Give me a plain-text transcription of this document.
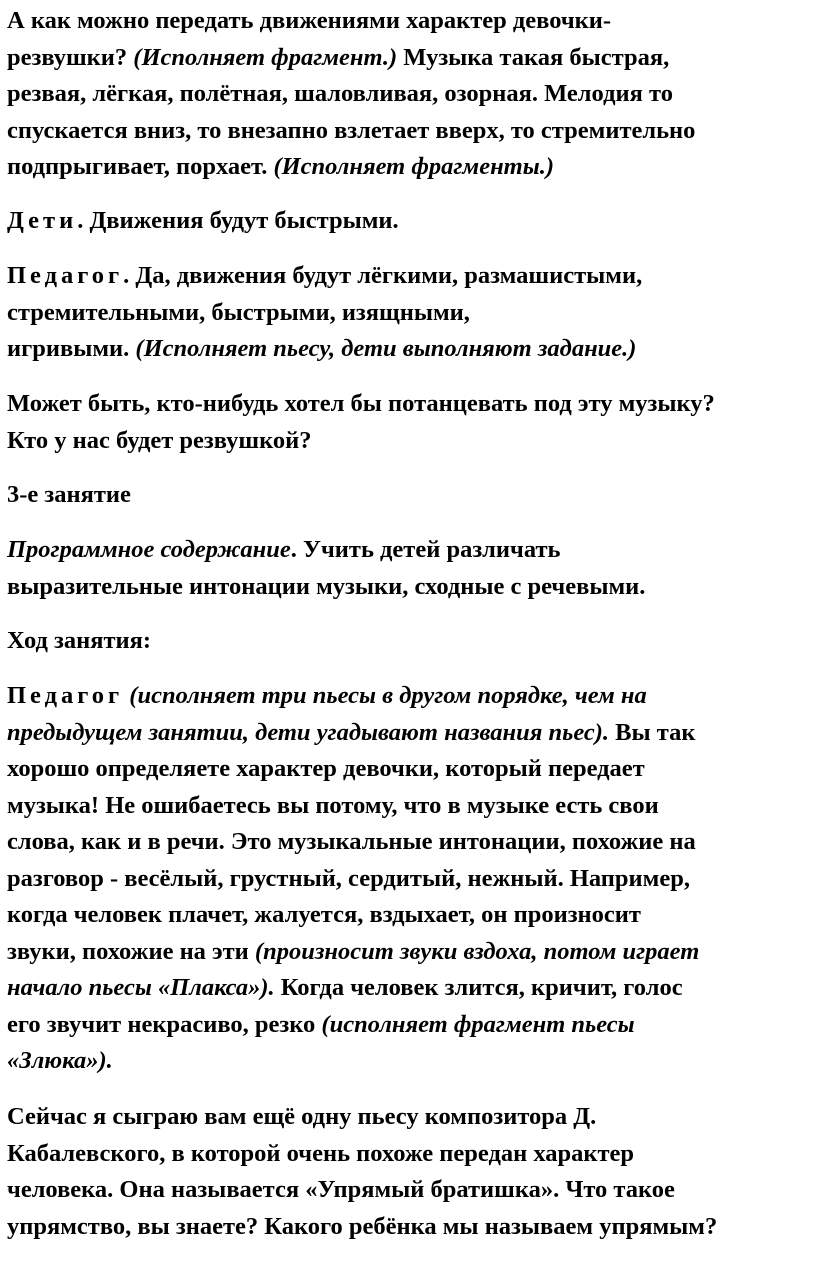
А как можно передать движениями характер девочки-
резвушки? (Исполняет фрагмент.) Музыка такая быстрая,
резвая, лёгкая, полётная, шаловливая, озорная. Мелодия то
спускается вниз, то внезапно взлетает вверх, то стремительно
подпрыгивает, порхает. (Исполняет фрагменты.)

Дети. Движения будут быстрыми.

Педагог. Да, движения будут лёгкими, размашистыми,
стремительными, быстрыми, изящными,
игривыми. (Исполняет пьесу, дети выполняют задание.)

Может быть, кто-нибудь хотел бы потанцевать под эту музыку?
Кто у нас будет резвушкой?

3-е занятие

Программное содержание. Учить детей различать
выразительные интонации музыки, сходные с речевыми.

Ход занятия:

Педагог (исполняет три пьесы в другом порядке, чем на
предыдущем занятии, дети угадывают названия пьес). Вы так
хорошо определяете характер девочки, который передает
музыка! Не ошибаетесь вы потому, что в музыке есть свои
слова, как и в речи. Это музыкальные интонации, похожие на
разговор - весёлый, грустный, сердитый, нежный. Например,
когда человек плачет, жалуется, вздыхает, он произносит
звуки, похожие на эти (произносит звуки вздоха, потом играет
начало пьесы «Плакса»). Когда человек злится, кричит, голос
его звучит некрасиво, резко (исполняет фрагмент пьесы
«Злюка»).

Сейчас я сыграю вам ещё одну пьесу композитора Д.
Кабалевского, в которой очень похоже передан характер
человека. Она называется «Упрямый братишка». Что такое
упрямство, вы знаете? Какого ребёнка мы называем упрямым?
